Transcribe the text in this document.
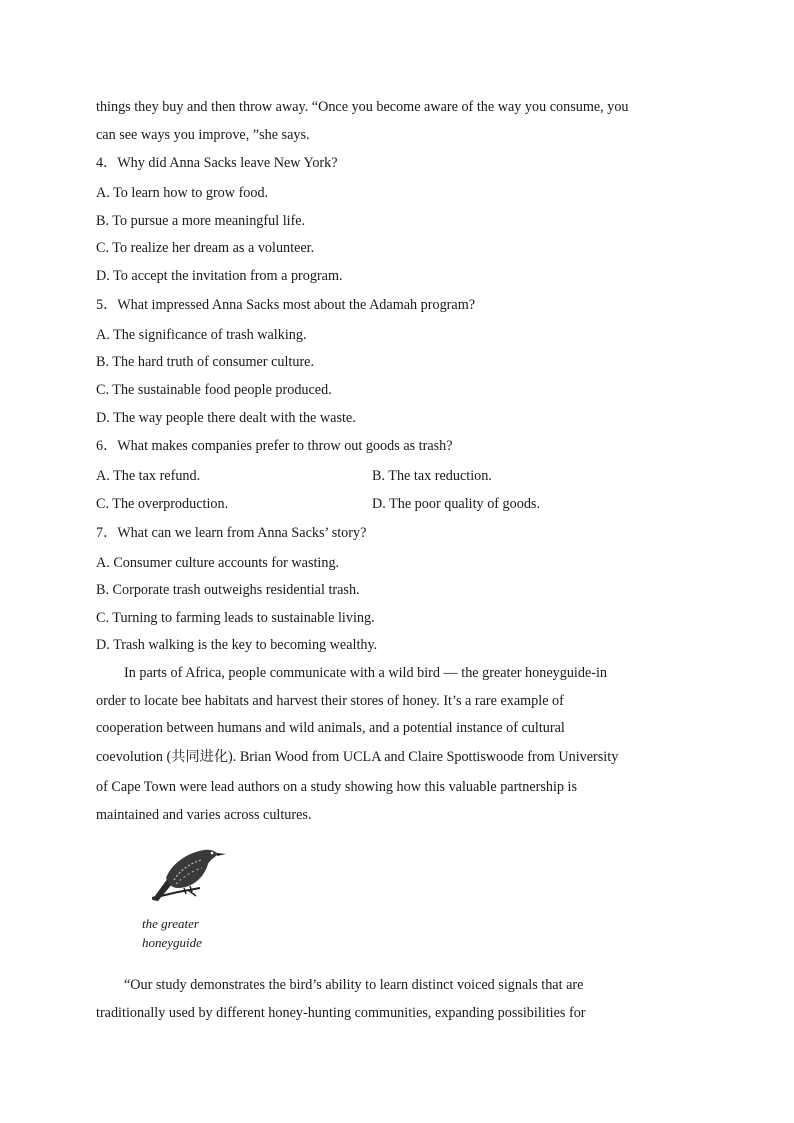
things they buy and then throw away. “Once you become aware of the way you consume, you
can see ways you improve, ”she says.
4．Why did Anna Sacks leave New York?
A. To learn how to grow food.
B. To pursue a more meaningful life.
C. To realize her dream as a volunteer.
D. To accept the invitation from a program.
5．What impressed Anna Sacks most about the Adamah program?
A. The significance of trash walking.
B. The hard truth of consumer culture.
C. The sustainable food people produced.
D. The way people there dealt with the waste.
6．What makes companies prefer to throw out goods as trash?
A. The tax refund.	B. The tax reduction.
C. The overproduction.	D. The poor quality of goods.
7．What can we learn from Anna Sacks’ story?
A. Consumer culture accounts for wasting.
B. Corporate trash outweighs residential trash.
C. Turning to farming leads to sustainable living.
D. Trash walking is the key to becoming wealthy.
In parts of Africa, people communicate with a wild bird — the greater honeyguide-in
order to locate bee habitats and harvest their stores of honey. It’s a rare example of
cooperation between humans and wild animals, and a potential instance of cultural
coevolution (共同进化). Brian Wood from UCLA and Claire Spottiswoode from University
of Cape Town were lead authors on a study showing how this valuable partnership is
maintained and varies across cultures.
the greater
honeyguide
“Our study demonstrates the bird’s ability to learn distinct voiced signals that are
traditionally used by different honey-hunting communities, expanding possibilities for
